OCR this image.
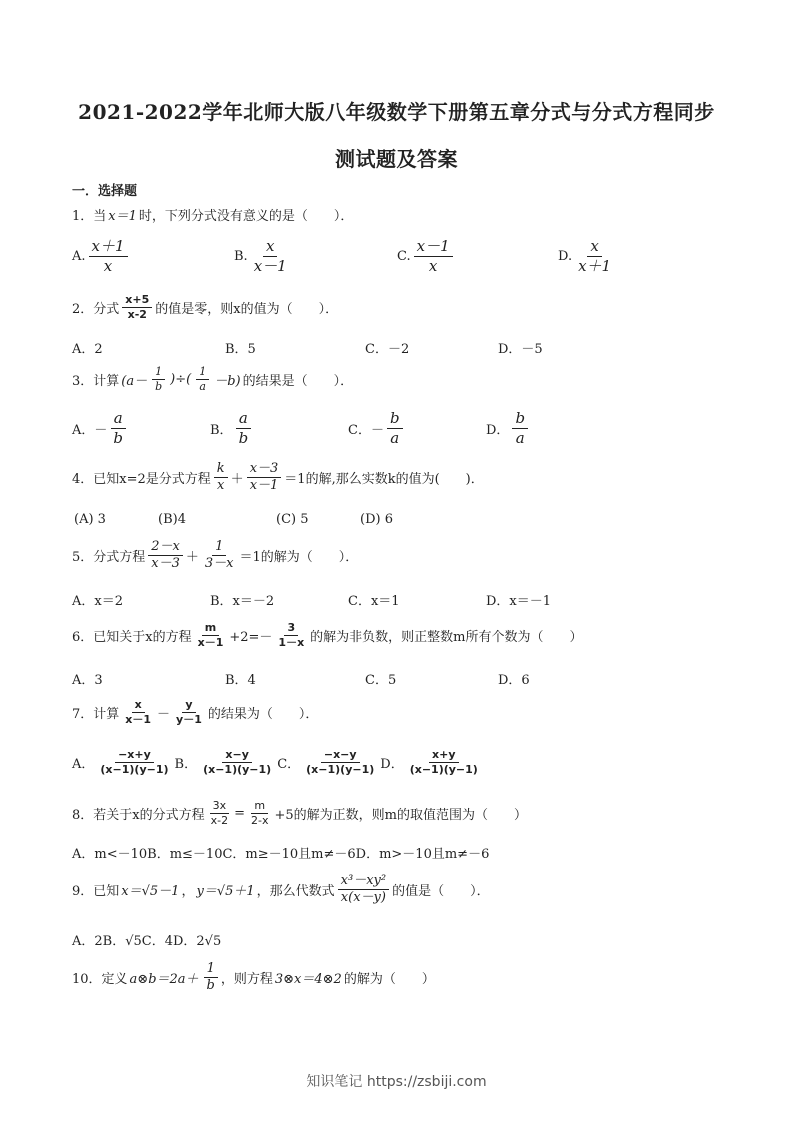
2021-2022学年北师大版八年级数学下册第五章分式与分式方程同步
测试题及答案
一．选择题
1．当 x＝1 时，下列分式没有意义的是（　　）．
A. $\frac{x+1}{x}$	B. $\frac{x}{x-1}$	C. $\frac{x-1}{x}$	D. $\frac{x}{x+1}$
2．分式 $\frac{x+5}{x-2}$ 的值是零，则x的值为（　　）．
A．2	B．5	C．－2	D．－5
3．计算 ($a- \frac{1}{b}$ )÷( $\frac{1}{a} -b$) 的结果是（　　）．
A． － $\frac{a}{b}$	B． $\frac{a}{b}$	C． － $\frac{b}{a}$	D． $\frac{b}{a}$
4．已知x=2是分式方程 $\frac{k}{x} + \frac{x-3}{x-1} =1$ 的解,那么实数k的值为(　　)．
(A) 3	(B)4	(C) 5	(D) 6
5．分式方程 $\frac{2-x}{x-3} + \frac{1}{3-x} =1$ 的解为（　　）．
A．x＝2	B．x＝－2	C．x＝1	D．x＝－1
6．已知关于x的方程 $\frac{m}{x-1} +2=- \frac{3}{1-x}$ 的解为非负数，则正整数m所有个数为（　　）
A．3	B．4	C．5	D．6
7．计算 $\frac{x}{x-1} - \frac{y}{y-1}$ 的结果为（　　）．
A． $\frac{-x+y}{(x-1)(y-1)}$ B． $\frac{x-y}{(x-1)(y-1)}$ C． $\frac{-x-y}{(x-1)(y-1)}$ D． $\frac{x+y}{(x-1)(y-1)}$
8．若关于x的分式方程 $\frac{3x}{x-2} = \frac{m}{2-x} +5$的解为正数，则m的取值范围为（　　）
A．m<－10B．m≤－10C．m≥－10且m≠－6D．m>－10且m≠－6
9．已知 x＝√5－1 ， y＝√5＋1 ，那么代数式 $\frac{\text{x³－xy²}}{x(x-y)}$ 的值是（　　）．
A．2B．√5C．4D．2√5
10．定义 a⊗b＝2a＋ $\frac{1}{b}$ ，则方程 3⊗x＝4⊗2 的解为（　　）
知识笔记 https://zsbiji.com
